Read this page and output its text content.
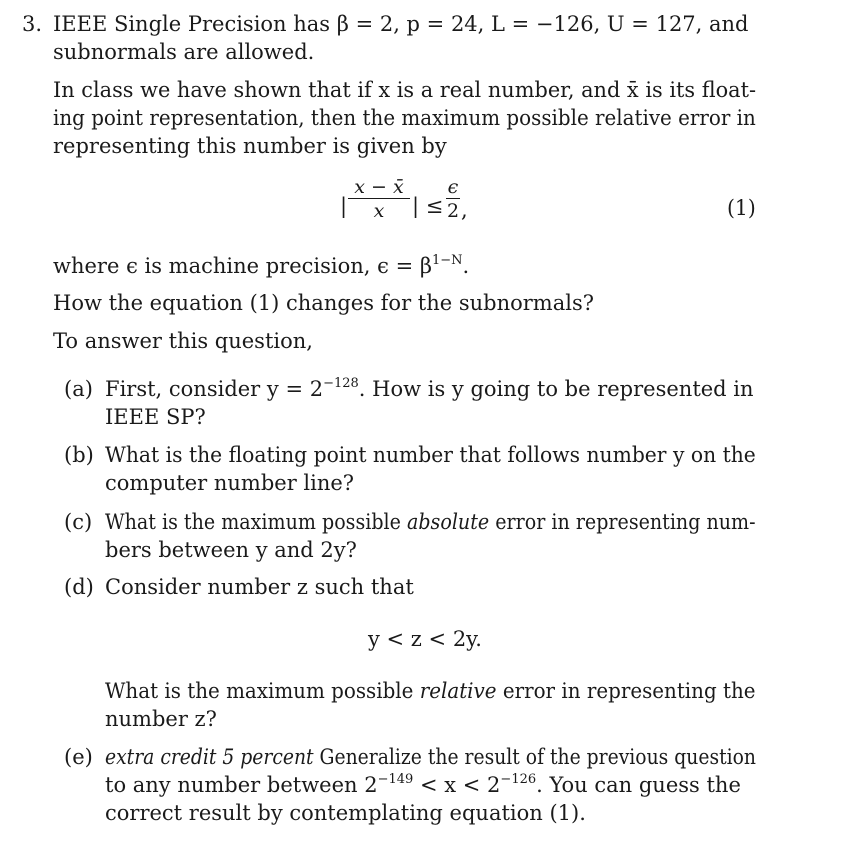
3. IEEE Single Precision has β = 2, p = 24, L = −126, U = 127, and
subnormals are allowed.
In class we have shown that if x is a real number, and x̄ is its float-
ing point representation, then the maximum possible relative error in
representing this number is given by
|
x − x̄
x	| ≤
ϵ
2 ,	(1)
where ϵ is machine precision, $\epsilon = \beta^{1-N}$.
How the equation (1) changes for the subnormals?
To answer this question,
(a) First, consider $y = 2^{-128}$. How is y going to be represented in
IEEE SP?
(b) What is the floating point number that follows number y on the
computer number line?
(c) What is the maximum possible absolute error in representing num-
bers between y and 2y?
(d) Consider number z such that
y < z < 2y.
What is the maximum possible relative error in representing the
number z?
(e) extra credit 5 percent Generalize the result of the previous question
to any number between $2^{-149} < x < 2^{-126}$. You can guess the
correct result by contemplating equation (1).
